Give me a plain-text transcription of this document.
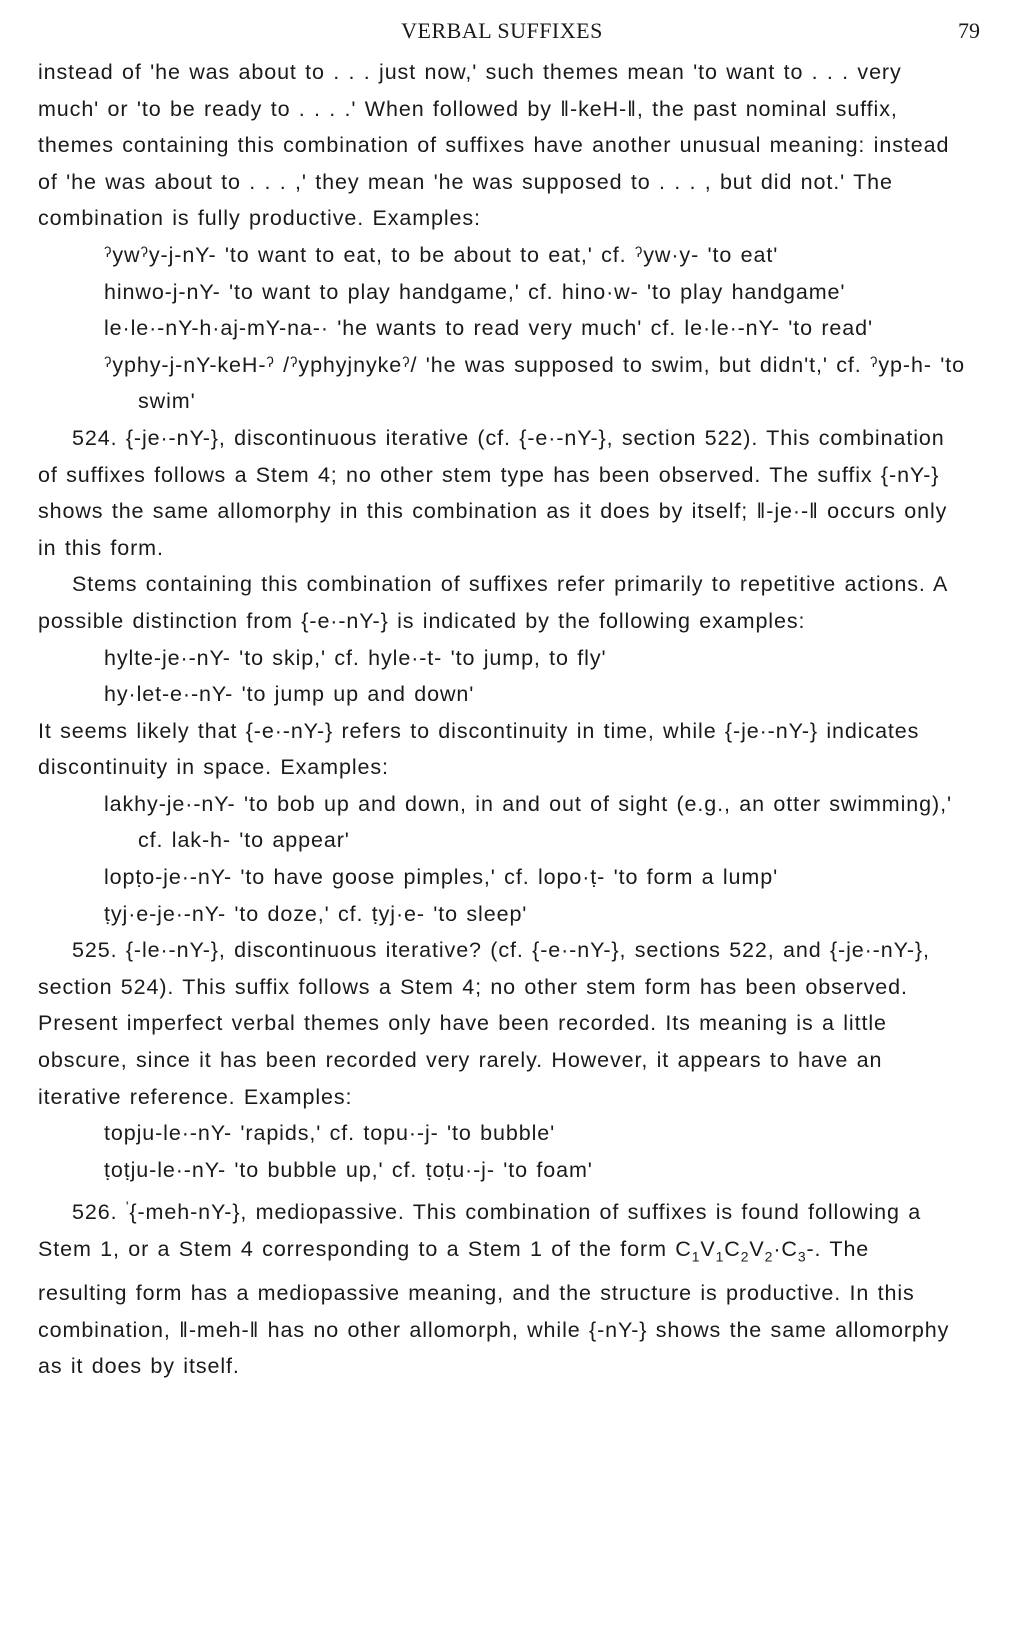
VERBAL SUFFIXES	79

instead of 'he was about to . . . just now,' such themes mean 'to want to . . . very much' or 'to be ready to . . . .' When followed by ‖-keH-‖, the past nominal suffix, themes containing this combination of suffixes have another unusual meaning: instead of 'he was about to . . . ,' they mean 'he was supposed to . . . , but did not.' The combination is fully productive. Examples:

ˀywˀy-j-nY- 'to want to eat, to be about to eat,' cf. ˀyw·y- 'to eat'

hinwo-j-nY- 'to want to play handgame,' cf. hino·w- 'to play handgame'

le·le·-nY-h·aj-mY-na-· 'he wants to read very much' cf. le·le·-nY- 'to read'

ˀyphy-j-nY-keH-ˀ /ˀyphyjnykeˀ/ 'he was supposed to swim, but didn't,' cf. ˀyp-h- 'to swim'

524. {-je·-nY-}, discontinuous iterative (cf. {-e·-nY-}, section 522). This combination of suffixes follows a Stem 4; no other stem type has been observed. The suffix {-nY-} shows the same allomorphy in this combination as it does by itself; ‖-je·-‖ occurs only in this form.

Stems containing this combination of suffixes refer primarily to repetitive actions. A possible distinction from {-e·-nY-} is indicated by the following examples:

hylte-je·-nY- 'to skip,' cf. hyle·-t- 'to jump, to fly'

hy·let-e·-nY- 'to jump up and down'

It seems likely that {-e·-nY-} refers to discontinuity in time, while {-je·-nY-} indicates discontinuity in space. Examples:

lakhy-je·-nY- 'to bob up and down, in and out of sight (e.g., an otter swimming),' cf. lak-h- 'to appear'

lopṭo-je·-nY- 'to have goose pimples,' cf. lopo·ṭ- 'to form a lump'

ṭyj·e-je·-nY- 'to doze,' cf. ṭyj·e- 'to sleep'

525. {-le·-nY-}, discontinuous iterative? (cf. {-e·-nY-}, sections 522, and {-je·-nY-}, section 524). This suffix follows a Stem 4; no other stem form has been observed. Present imperfect verbal themes only have been recorded. Its meaning is a little obscure, since it has been recorded very rarely. However, it appears to have an iterative reference. Examples:

topju-le·-nY- 'rapids,' cf. topu·-j- 'to bubble'

ṭoṭju-le·-nY- 'to bubble up,' cf. ṭoṭu·-j- 'to foam'

526. '{-meh-nY-}, mediopassive. This combination of suffixes is found following a Stem 1, or a Stem 4 corresponding to a Stem 1 of the form $C_1V_1C_2V_2\cdot C_3-$. The resulting form has a mediopassive meaning, and the structure is productive. In this combination, ‖-meh-‖ has no other allomorph, while {-nY-} shows the same allomorphy as it does by itself.
